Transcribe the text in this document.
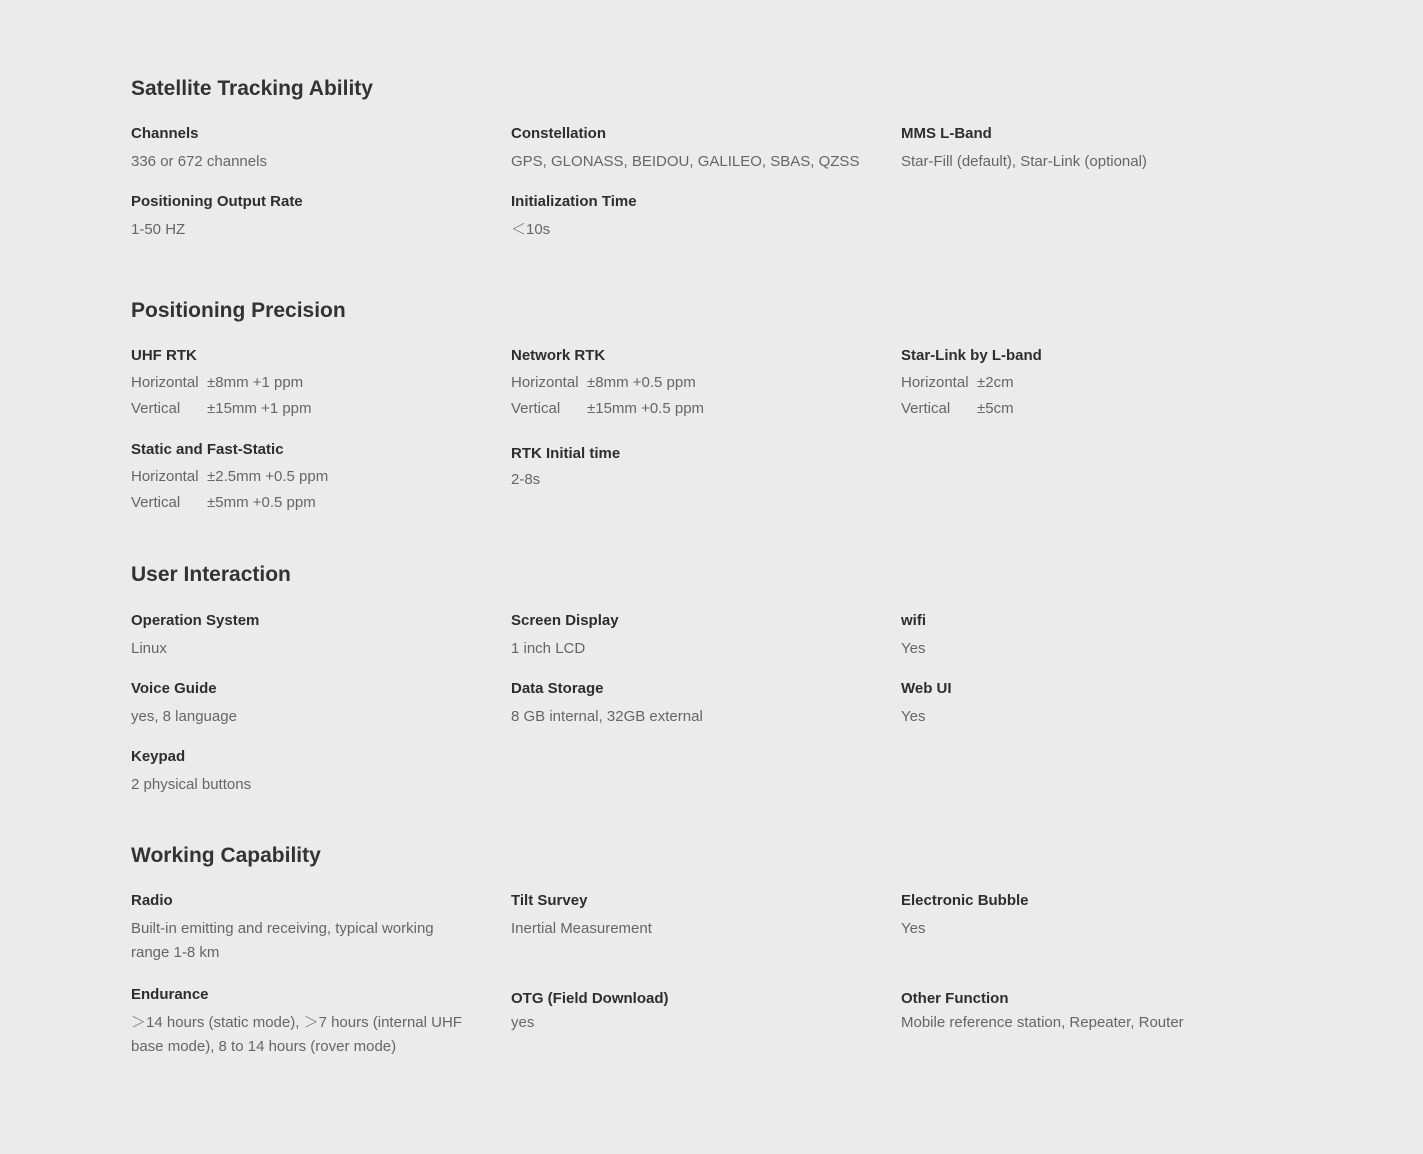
Satellite Tracking Ability
Channels
336 or 672 channels
Constellation
GPS, GLONASS, BEIDOU, GALILEO, SBAS, QZSS
MMS L-Band
Star-Fill (default), Star-Link (optional)
Positioning Output Rate
1-50 HZ
Initialization Time
＜10s
Positioning Precision
UHF RTK
Horizontal ±8mm +1 ppm
Vertical ±15mm +1 ppm
Network RTK
Horizontal ±8mm +0.5 ppm
Vertical ±15mm +0.5 ppm
Star-Link by L-band
Horizontal ±2cm
Vertical ±5cm
Static and Fast-Static
Horizontal ±2.5mm +0.5 ppm
Vertical ±5mm +0.5 ppm
RTK Initial time
2-8s
User Interaction
Operation System
Linux
Screen Display
1 inch LCD
wifi
Yes
Voice Guide
yes, 8 language
Data Storage
8 GB internal, 32GB external
Web UI
Yes
Keypad
2 physical buttons
Working Capability
Radio
Built-in emitting and receiving, typical working range 1-8 km
Tilt Survey
Inertial Measurement
Electronic Bubble
Yes
Endurance
＞14 hours (static mode), ＞7 hours (internal UHF base mode), 8 to 14 hours (rover mode)
OTG (Field Download)
yes
Other Function
Mobile reference station, Repeater, Router
